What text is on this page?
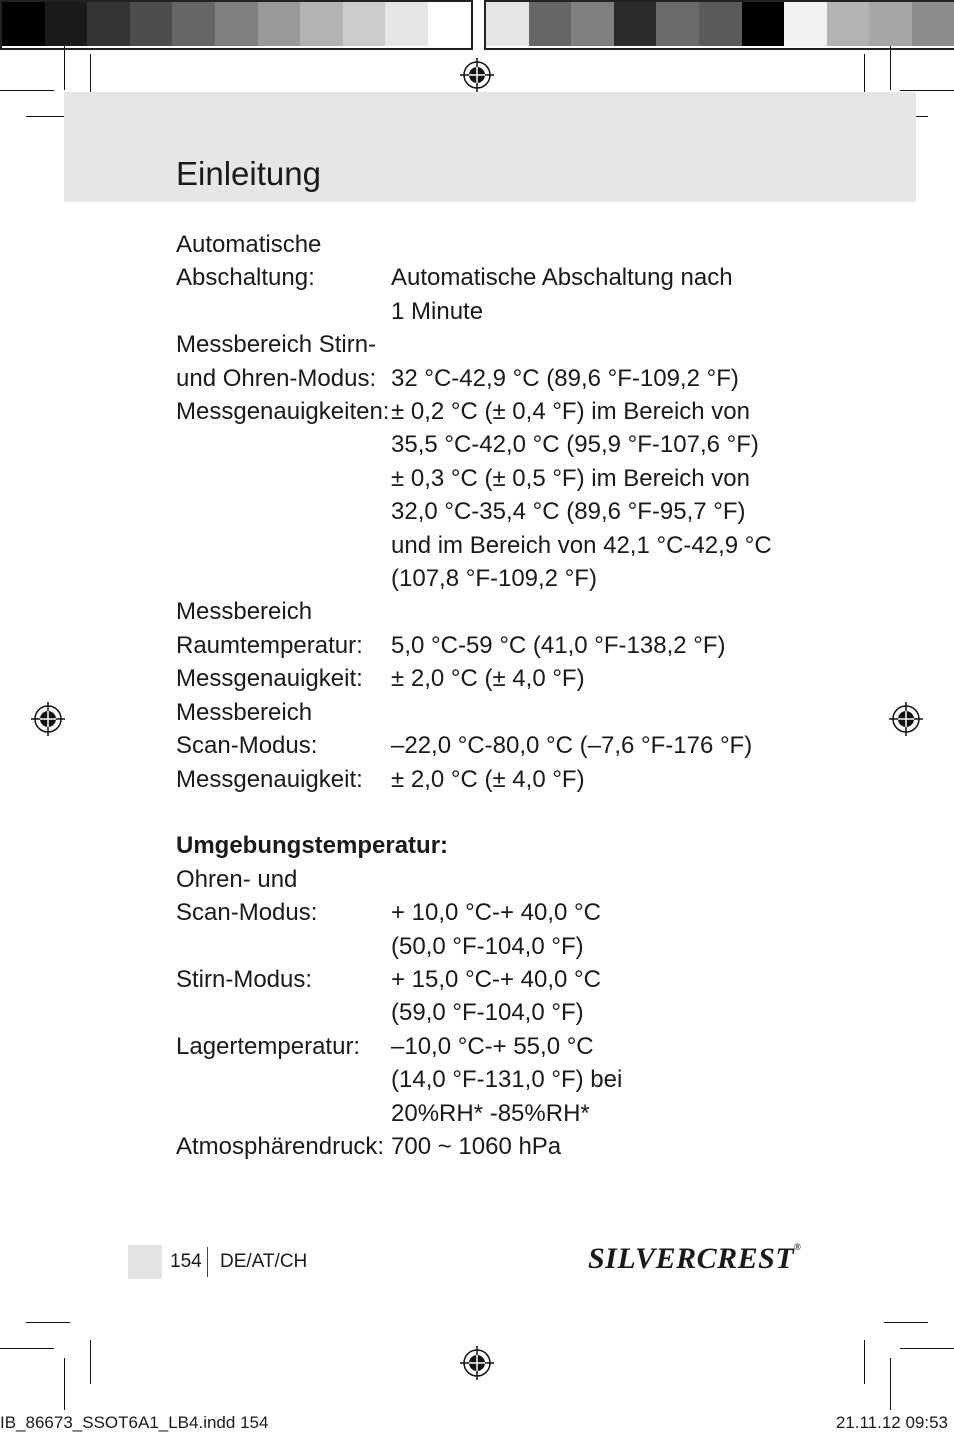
Einleitung
Automatische
Abschaltung:	Automatische Abschaltung nach
1 Minute
Messbereich Stirn-
und Ohren-Modus: 32 °C-42,9 °C (89,6 °F-109,2 °F)
Messgenauigkeiten: ± 0,2 °C (± 0,4 °F) im Bereich von
35,5 °C-42,0 °C (95,9 °F-107,6 °F)
± 0,3 °C (± 0,5 °F) im Bereich von
32,0 °C-35,4 °C (89,6 °F-95,7 °F)
und im Bereich von 42,1 °C-42,9 °C
(107,8 °F-109,2 °F)
Messbereich
Raumtemperatur:	5,0 °C-59 °C (41,0 °F-138,2 °F)
Messgenauigkeit:	± 2,0 °C (± 4,0 °F)
Messbereich
Scan-Modus:	–22,0 °C-80,0 °C (–7,6 °F-176 °F)
Messgenauigkeit:	± 2,0 °C (± 4,0 °F)
Umgebungstemperatur:
Ohren- und
Scan-Modus:	+ 10,0 °C-+ 40,0 °C
(50,0 °F-104,0 °F)
Stirn-Modus:	+ 15,0 °C-+ 40,0 °C
(59,0 °F-104,0 °F)
Lagertemperatur:	–10,0 °C-+ 55,0 °C
(14,0 °F-131,0 °F) bei
20%RH* -85%RH*
Atmosphärendruck: 700 ~ 1060 hPa
154 DE/AT/CH	SILVERCREST®
IB_86673_SSOT6A1_LB4.indd 154	21.11.12 09:53
